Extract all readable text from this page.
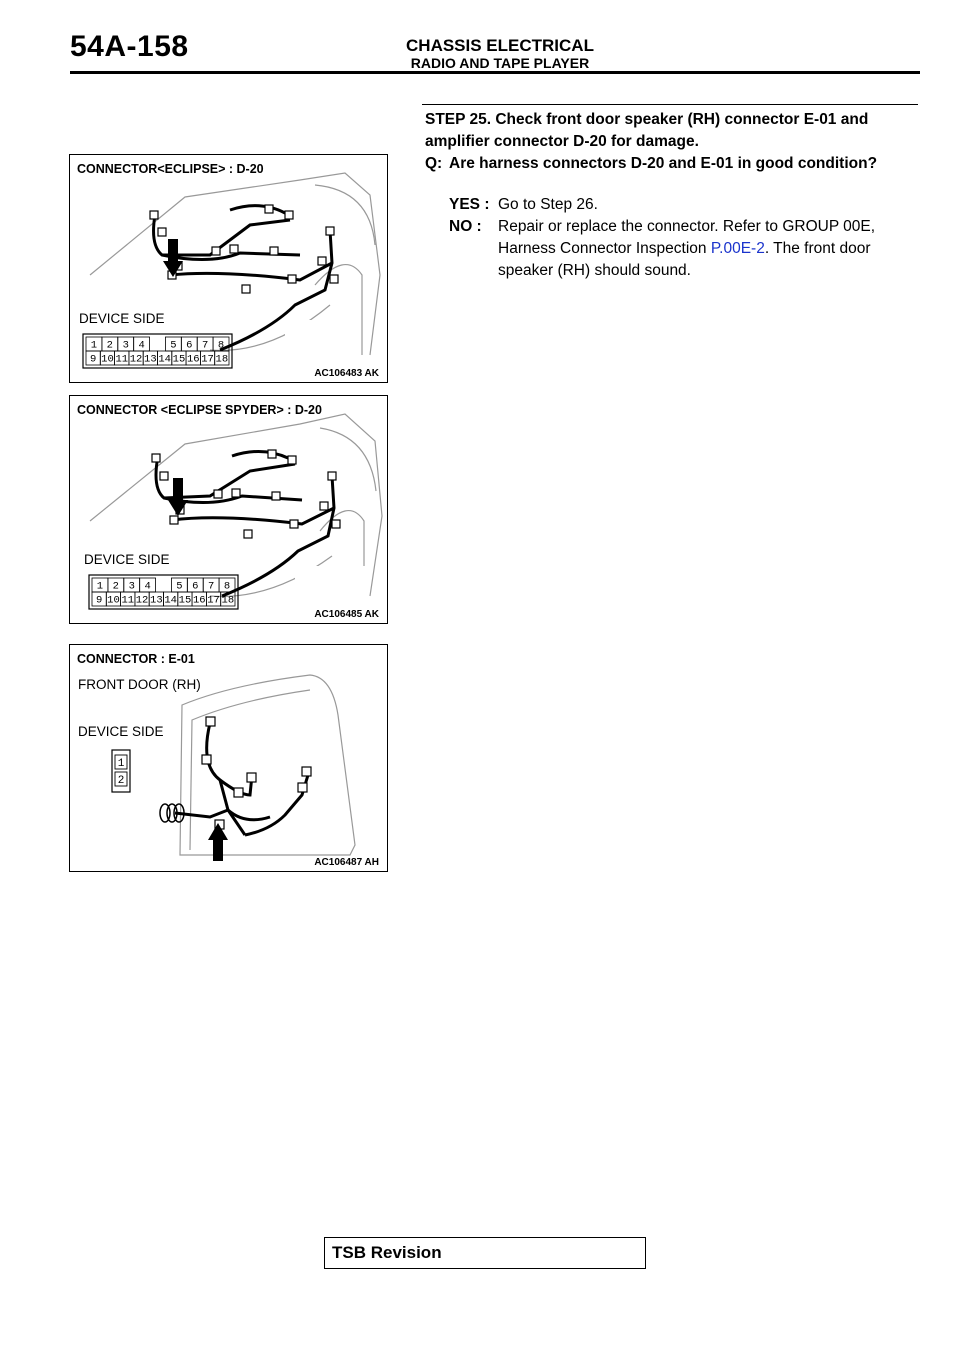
54A-158	CHASSIS ELECTRICAL
RADIO AND TAPE PLAYER
STEP 25. Check front door speaker (RH) connector E-01 and amplifier connector D-20 for damage.
Q: Are harness connectors D-20 and E-01 in good condition?
YES : Go to Step 26.
NO : Repair or replace the connector. Refer to GROUP 00E, Harness Connector Inspection P.00E-2. The front door speaker (RH) should sound.
1 2 3 4 5 6 7 8
9 10 11 12 13 14 15 16 17 18
CONNECTOR<ECLIPSE> : D-20
DEVICE SIDE
AC106483 AK
1 2 3 4 5 6 7 8
9 10 11 12 13 14 15 16 17 18
CONNECTOR <ECLIPSE SPYDER> : D-20
DEVICE SIDE
AC106485 AK
1
2
CONNECTOR : E-01
FRONT DOOR (RH)
DEVICE SIDE
AC106487 AH
TSB Revision
